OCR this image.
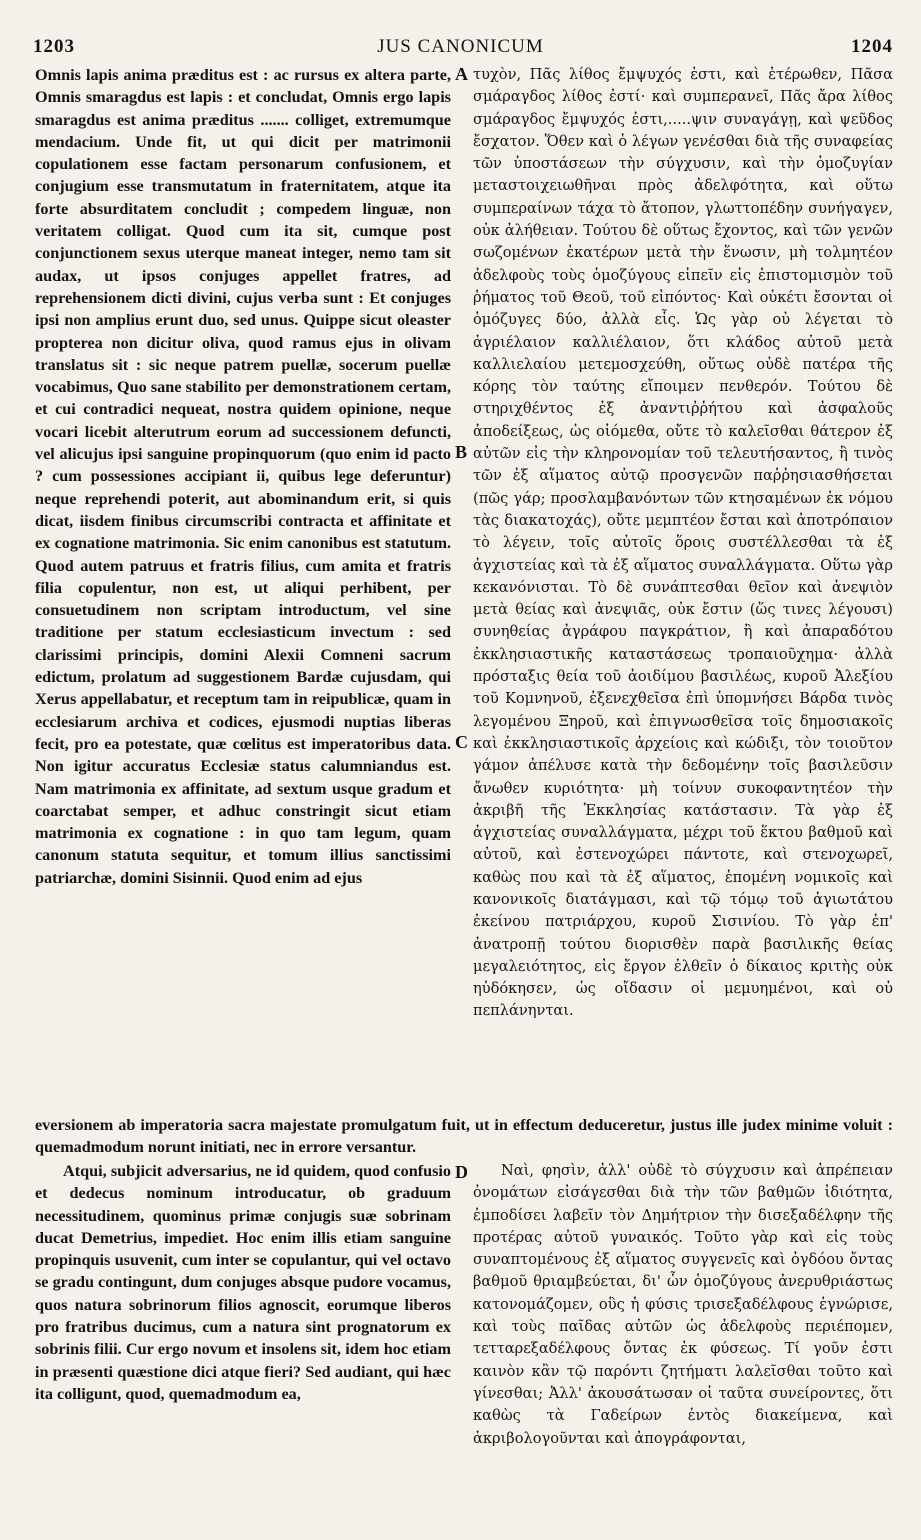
1203	JUS CANONICUM	1204

Omnis lapis anima præditus est : ac rursus ex altera parte, Omnis smaragdus est lapis : et concludat, Omnis ergo lapis smaragdus est anima præditus ....... colliget, extremumque mendacium. Unde fit, ut qui dicit per matrimonii copulationem esse factam personarum confusionem, et conjugium esse transmutatum in fraternitatem, atque ita forte absurditatem concludit ; compedem linguæ, non veritatem colligat. Quod cum ita sit, cumque post conjunctionem sexus uterque maneat integer, nemo tam sit audax, ut ipsos conjuges appellet fratres, ad reprehensionem dicti divini, cujus verba sunt : Et conjuges ipsi non amplius erunt duo, sed unus. Quippe sicut oleaster propterea non dicitur oliva, quod ramus ejus in olivam translatus sit : sic neque patrem puellæ, socerum puellæ vocabimus, Quo sane stabilito per demonstrationem certam, et cui contradici nequeat, nostra quidem opinione, neque vocari licebit alterutrum eorum ad successionem defuncti, vel alicujus ipsi sanguine propinquorum (quo enim id pacto ? cum possessiones accipiant ii, quibus lege deferuntur) neque reprehendi poterit, aut abominandum erit, si quis dicat, iisdem finibus circumscribi contracta et affinitate et ex cognatione matrimonia. Sic enim canonibus est statutum. Quod autem patruus et fratris filius, cum amita et fratris filia copulentur, non est, ut aliqui perhibent, per consuetudinem non scriptam introductum, vel sine traditione per statum ecclesiasticum invectum : sed clarissimi principis, domini Alexii Comneni sacrum edictum, prolatum ad suggestionem Bardæ cujusdam, qui Xerus appellabatur, et receptum tam in reipublicæ, quam in ecclesiarum archiva et codices, ejusmodi nuptias liberas fecit, pro ea potestate, quæ cœlitus est imperatoribus data. Non igitur accuratus Ecclesiæ status calumniandus est. Nam matrimonia ex affinitate, ad sextum usque gradum et coarctabat semper, et adhuc constringit sicut etiam matrimonia ex cognatione : in quo tam legum, quam canonum statuta sequitur, et tomum illius sanctissimi patriarchæ, domini Sisinnii. Quod enim ad ejus

τυχὸν, Πᾶς λίθος ἔμψυχός ἐστι, καὶ ἑτέρωθεν, Πᾶσα σμάραγδος λίθος ἐστί· καὶ συμπερανεῖ, Πᾶς ἄρα λίθος σμάραγδος ἔμψυχός ἐστι,.....ψιν συναγάγῃ, καὶ ψεῦδος ἔσχατον. Ὅθεν καὶ ὁ λέγων γενέσθαι διὰ τῆς συναφείας τῶν ὑποστάσεων τὴν σύγχυσιν, καὶ τὴν ὁμοζυγίαν μεταστοιχειωθῆναι πρὸς ἀδελφότητα, καὶ οὕτω συμπεραίνων τάχα τὸ ἄτοπον, γλωττοπέδην συνήγαγεν, οὐκ ἀλήθειαν. Τούτου δὲ οὕτως ἔχοντος, καὶ τῶν γενῶν σωζομένων ἑκατέρων μετὰ τὴν ἕνωσιν, μὴ τολμητέον ἀδελφοὺς τοὺς ὁμοζύγους εἰπεῖν εἰς ἐπιστομισμὸν τοῦ ῥήματος τοῦ Θεοῦ, τοῦ εἰπόντος· Καὶ οὐκέτι ἔσονται οἱ ὁμόζυγες δύο, ἀλλὰ εἷς. Ὡς γὰρ οὐ λέγεται τὸ ἀγριέλαιον καλλιέλαιον, ὅτι κλάδος αὐτοῦ μετὰ καλλιελαίου μετεμοσχεύθη, οὕτως οὐδὲ πατέρα τῆς κόρης τὸν ταύτης εἴποιμεν πενθερόν. Τούτου δὲ στηριχθέντος ἐξ ἀναντιῤῥήτου καὶ ἀσφαλοῦς ἀποδείξεως, ὡς οἰόμεθα, οὔτε τὸ καλεῖσθαι θάτερον ἐξ αὐτῶν εἰς τὴν κληρονομίαν τοῦ τελευτήσαντος, ἢ τινὸς τῶν ἐξ αἵματος αὐτῷ προσγενῶν παῤῥησιασθήσεται (πῶς γάρ; προσλαμβανόντων τῶν κτησαμένων ἐκ νόμου τὰς διακατοχάς), οὔτε μεμπτέον ἔσται καὶ ἀποτρόπαιον τὸ λέγειν, τοῖς αὐτοῖς ὅροις συστέλλεσθαι τὰ ἐξ ἀγχιστείας καὶ τὰ ἐξ αἵματος συναλλάγματα. Οὕτω γὰρ κεκανόνισται. Τὸ δὲ συνάπτεσθαι θεῖον καὶ ἀνεψιὸν μετὰ θείας καὶ ἀνεψιᾶς, οὐκ ἔστιν (ὥς τινες λέγουσι) συνηθείας ἀγράφου παγκράτιον, ἢ καὶ ἀπαραδότου ἐκκλησιαστικῆς καταστάσεως τροπαιοῦχημα· ἀλλὰ πρόσταξις θεία τοῦ ἀοιδίμου βασιλέως, κυροῦ Ἀλεξίου τοῦ Κομνηνοῦ, ἐξενεχθεῖσα ἐπὶ ὑπομνήσει Βάρδα τινὸς λεγομένου Ξηροῦ, καὶ ἐπιγνωσθεῖσα τοῖς δημοσιακοῖς καὶ ἐκκλησιαστικοῖς ἀρχείοις καὶ κώδιξι, τὸν τοιοῦτον γάμον ἀπέλυσε κατὰ τὴν δεδομένην τοῖς βασιλεῦσιν ἄνωθεν κυριότητα· μὴ τοίνυν συκοφαντητέον τὴν ἀκριβῆ τῆς Ἐκκλησίας κατάστασιν. Τὰ γὰρ ἐξ ἀγχιστείας συναλλάγματα, μέχρι τοῦ ἕκτου βαθμοῦ καὶ αὐτοῦ, καὶ ἐστενοχώρει πάντοτε, καὶ στενοχωρεῖ, καθὼς που καὶ τὰ ἐξ αἵματος, ἑπομένη νομικοῖς καὶ κανονικοῖς διατάγμασι, καὶ τῷ τόμῳ τοῦ ἁγιωτάτου ἐκείνου πατριάρχου, κυροῦ Σισινίου. Τὸ γὰρ ἐπ' ἀνατροπῇ τούτου διορισθὲν παρὰ βασιλικῆς θείας μεγαλειότητος, εἰς ἔργον ἐλθεῖν ὁ δίκαιος κριτὴς οὐκ ηὐδόκησεν, ὡς οἴδασιν οἱ μεμυημένοι, καὶ οὐ πεπλάνηνται.

eversionem ab imperatoria sacra majestate promulgatum fuit, ut in effectum deduceretur, justus ille judex minime voluit : quemadmodum norunt initiati, nec in errore versantur.

Atqui, subjicit adversarius, ne id quidem, quod confusio et dedecus nominum introducatur, ob graduum necessitudinem, quominus primæ conjugis suæ sobrinam ducat Demetrius, impediet. Hoc enim illis etiam sanguine propinquis usuvenit, cum inter se copulantur, qui vel octavo se gradu contingunt, dum conjuges absque pudore vocamus, quos natura sobrinorum filios agnoscit, eorumque liberos pro fratribus ducimus, cum a natura sint prognatorum ex sobrinis filii. Cur ergo novum et insolens sit, idem hoc etiam in præsenti quæstione dici atque fieri? Sed audiant, qui hæc ita colligunt, quod, quemadmodum ea,

Ναὶ, φησὶν, ἀλλ' οὐδὲ τὸ σύγχυσιν καὶ ἀπρέπειαν ὀνομάτων εἰσάγεσθαι διὰ τὴν τῶν βαθμῶν ἰδιότητα, ἐμποδίσει λαβεῖν τὸν Δημήτριον τὴν δισεξαδέλφην τῆς προτέρας αὐτοῦ γυναικός. Τοῦτο γὰρ καὶ εἰς τοὺς συναπτομένους ἐξ αἵματος συγγενεῖς καὶ ὀγδόου ὄντας βαθμοῦ θριαμβεύεται, δι' ὧν ὁμοζύγους ἀνερυθριάστως κατονομάζομεν, οὓς ἡ φύσις τρισεξαδέλφους ἐγνώρισε, καὶ τοὺς παῖδας αὐτῶν ὡς ἀδελφοὺς περιέπομεν, τετταρεξαδέλφους ὄντας ἐκ φύσεως. Τί γοῦν ἐστι καινὸν κἂν τῷ παρόντι ζητήματι λαλεῖσθαι τοῦτο καὶ γίνεσθαι; Ἀλλ' ἀκουσάτωσαν οἱ ταῦτα συνείροντες, ὅτι καθὼς τὰ Γαδείρων ἐντὸς διακείμενα, καὶ ἀκριβολογοῦνται καὶ ἀπογράφονται,

A
B
C
D
